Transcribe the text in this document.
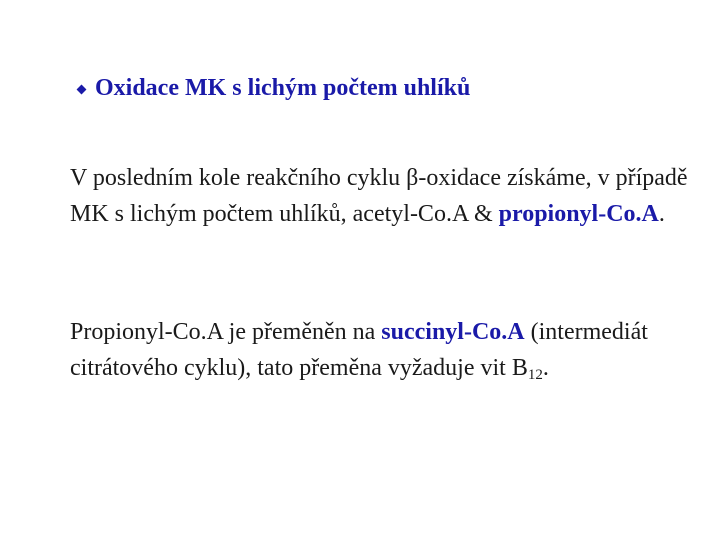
Oxidace MK s lichým počtem uhlíků

V posledním kole reakčního cyklu β-oxidace získáme, v případě MK s lichým počtem uhlíků, acetyl-Co.A & propionyl-Co.A.

Propionyl-Co.A je přeměněn na succinyl-Co.A (intermediát citrátového cyklu), tato přeměna vyžaduje vit $B_{12}$.
